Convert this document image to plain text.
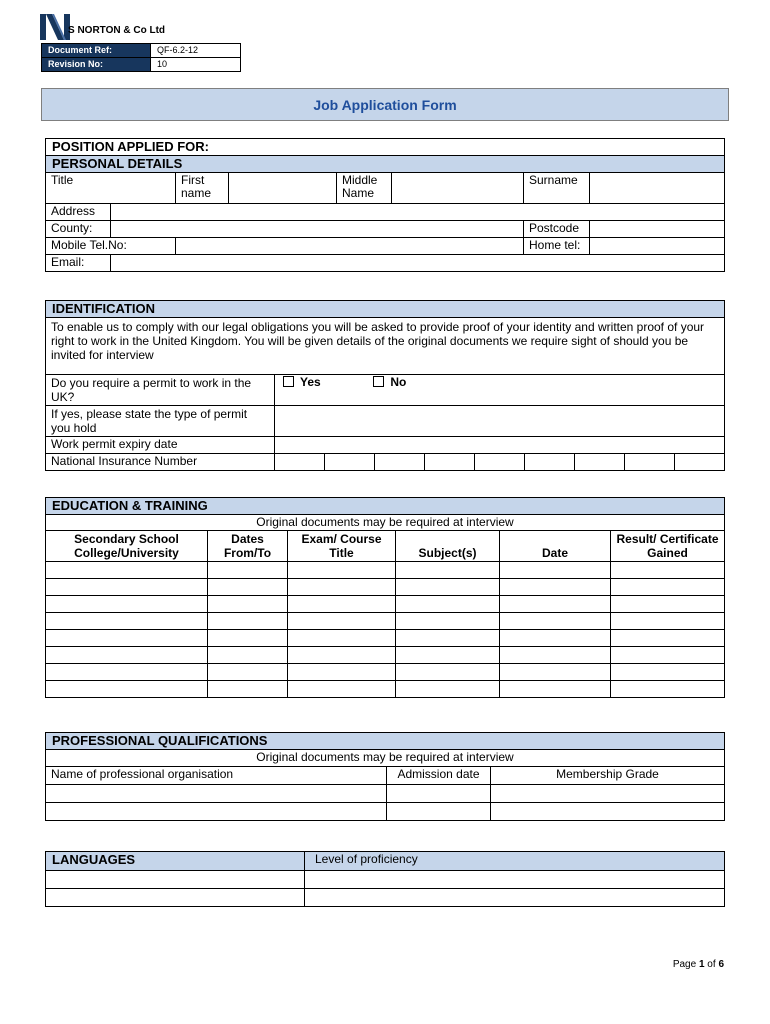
S NORTON & Co Ltd
Document Ref:	QF-6.2-12
Revision No:	10
Job Application Form
POSITION APPLIED FOR:							
PERSONAL DETAILS							
Title		First name		Middle Name		Surname	
Address							
County:						Postcode	
Mobile Tel.No:						Home tel:	
Email:							
IDENTIFICATION									
To enable us to comply with our legal obligations you will be asked to provide proof of your identity and written proof of your right to work in the United Kingdom. You will be given details of the original documents we require sight of should you be invited for interview									
Do you require a permit to work in the UK?	Yes No								
If yes, please state the type of permit you hold									
Work permit expiry date									
National Insurance Number									
EDUCATION & TRAINING					
Original documents may be required at interview					
Secondary School College/University	Dates From/To	Exam/ Course Title	Subject(s)	Date	Result/ Certificate Gained

PROFESSIONAL QUALIFICATIONS		
Original documents may be required at interview		
Name of professional organisation	Admission date	Membership Grade

LANGUAGES	Level of proficiency

Page 1 of 6
